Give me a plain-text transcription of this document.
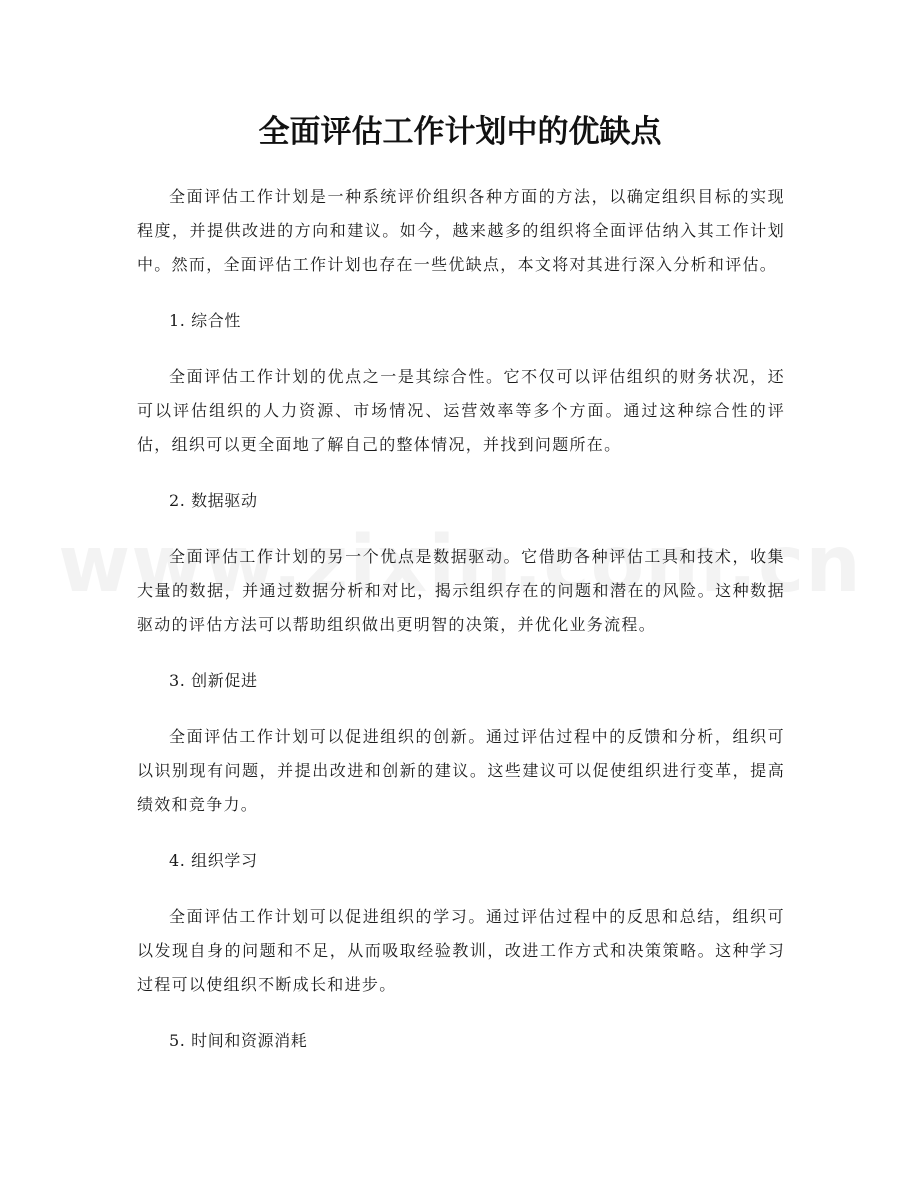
全面评估工作计划中的优缺点

全面评估工作计划是一种系统评价组织各种方面的方法，以确定组织目标的实现程度，并提供改进的方向和建议。如今，越来越多的组织将全面评估纳入其工作计划中。然而，全面评估工作计划也存在一些优缺点，本文将对其进行深入分析和评估。

1. 综合性

全面评估工作计划的优点之一是其综合性。它不仅可以评估组织的财务状况，还可以评估组织的人力资源、市场情况、运营效率等多个方面。通过这种综合性的评估，组织可以更全面地了解自己的整体情况，并找到问题所在。

2. 数据驱动

全面评估工作计划的另一个优点是数据驱动。它借助各种评估工具和技术，收集大量的数据，并通过数据分析和对比，揭示组织存在的问题和潜在的风险。这种数据驱动的评估方法可以帮助组织做出更明智的决策，并优化业务流程。

3. 创新促进

全面评估工作计划可以促进组织的创新。通过评估过程中的反馈和分析，组织可以识别现有问题，并提出改进和创新的建议。这些建议可以促使组织进行变革，提高绩效和竞争力。

4. 组织学习

全面评估工作计划可以促进组织的学习。通过评估过程中的反思和总结，组织可以发现自身的问题和不足，从而吸取经验教训，改进工作方式和决策策略。这种学习过程可以使组织不断成长和进步。

5. 时间和资源消耗
